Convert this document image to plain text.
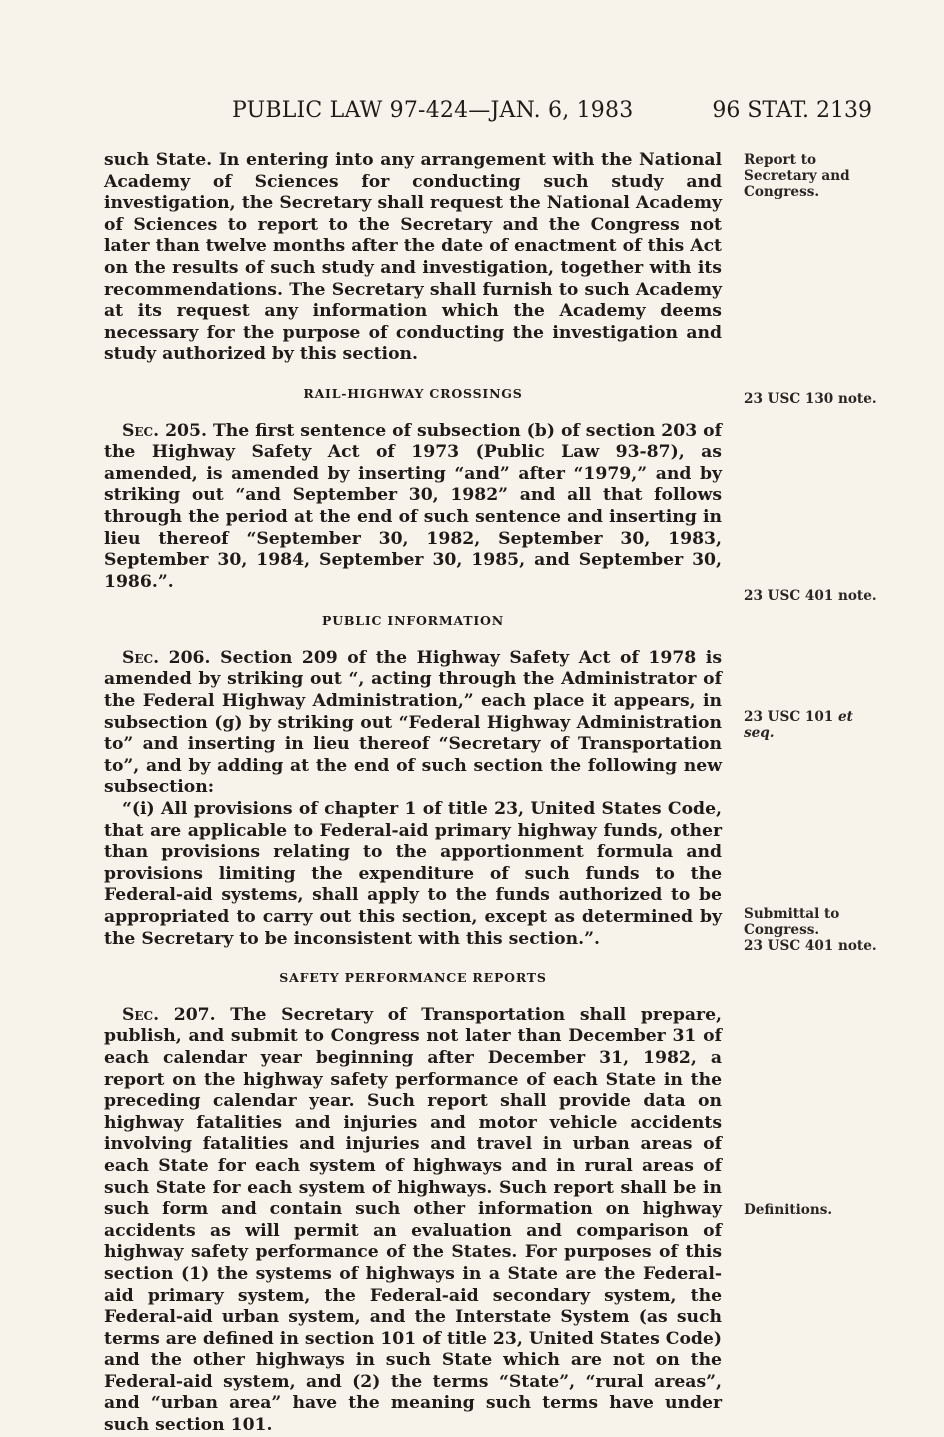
PUBLIC LAW 97-424—JAN. 6, 1983	96 STAT. 2139

such State. In entering into any arrangement with the National Academy of Sciences for conducting such study and investigation, the Secretary shall request the National Academy of Sciences to report to the Secretary and the Congress not later than twelve months after the date of enactment of this Act on the results of such study and investigation, together with its recommendations. The Secretary shall furnish to such Academy at its request any information which the Academy deems necessary for the purpose of conducting the investigation and study authorized by this section.

RAIL-HIGHWAY CROSSINGS

Sec. 205. The first sentence of subsection (b) of section 203 of the Highway Safety Act of 1973 (Public Law 93-87), as amended, is amended by inserting “and” after “1979,” and by striking out “and September 30, 1982” and all that follows through the period at the end of such sentence and inserting in lieu thereof “September 30, 1982, September 30, 1983, September 30, 1984, September 30, 1985, and September 30, 1986.”.

PUBLIC INFORMATION

Sec. 206. Section 209 of the Highway Safety Act of 1978 is amended by striking out “, acting through the Administrator of the Federal Highway Administration,” each place it appears, in subsection (g) by striking out “Federal Highway Administration to” and inserting in lieu thereof “Secretary of Transportation to”, and by adding at the end of such section the following new subsection:

“(i) All provisions of chapter 1 of title 23, United States Code, that are applicable to Federal-aid primary highway funds, other than provisions relating to the apportionment formula and provisions limiting the expenditure of such funds to the Federal-aid systems, shall apply to the funds authorized to be appropriated to carry out this section, except as determined by the Secretary to be inconsistent with this section.”.

SAFETY PERFORMANCE REPORTS

Sec. 207. The Secretary of Transportation shall prepare, publish, and submit to Congress not later than December 31 of each calendar year beginning after December 31, 1982, a report on the highway safety performance of each State in the preceding calendar year. Such report shall provide data on highway fatalities and injuries and motor vehicle accidents involving fatalities and injuries and travel in urban areas of each State for each system of highways and in rural areas of such State for each system of highways. Such report shall be in such form and contain such other information on highway accidents as will permit an evaluation and comparison of highway safety performance of the States. For purposes of this section (1) the systems of highways in a State are the Federal-aid primary system, the Federal-aid secondary system, the Federal-aid urban system, and the Interstate System (as such terms are defined in section 101 of title 23, United States Code) and the other highways in such State which are not on the Federal-aid system, and (2) the terms “State”, “rural areas”, and “urban area” have the meaning such terms have under such section 101.

Report to
Secretary and
Congress.
23 USC 130 note.
23 USC 401 note.
23 USC 101 et
seq.
Submittal to
Congress.
23 USC 401 note.
Definitions.
